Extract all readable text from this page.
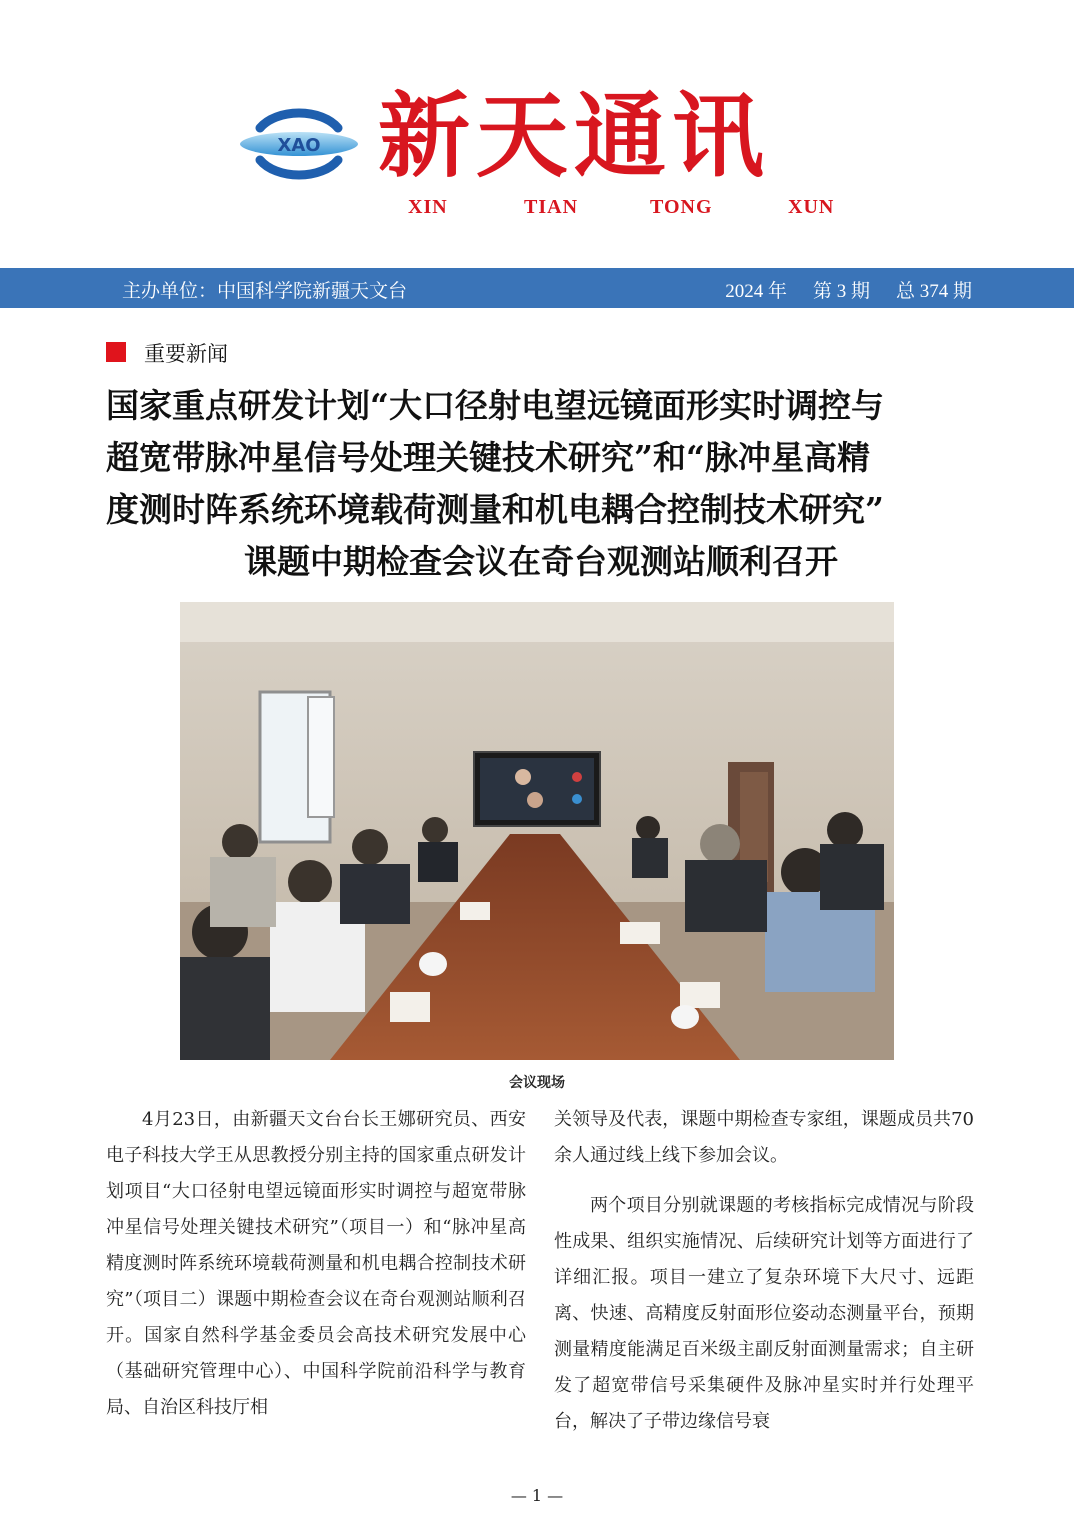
XAO 新天通讯
XIN	TIAN	TONG	XUN
主办单位：中国科学院新疆天文台	2024 年 第 3 期 总 374 期
重要新闻
国家重点研发计划“大口径射电望远镜面形实时调控与
超宽带脉冲星信号处理关键技术研究”和“脉冲星高精
度测时阵系统环境载荷测量和机电耦合控制技术研究”
课题中期检查会议在奇台观测站顺利召开
会议现场

4月23日，由新疆天文台台长王娜研究员、西安电子科技大学王从思教授分别主持的国家重点研发计划项目“大口径射电望远镜面形实时调控与超宽带脉冲星信号处理关键技术研究”（项目一）和“脉冲星高精度测时阵系统环境载荷测量和机电耦合控制技术研究”（项目二）课题中期检查会议在奇台观测站顺利召开。国家自然科学基金委员会高技术研究发展中心（基础研究管理中心）、中国科学院前沿科学与教育局、自治区科技厅相

关领导及代表，课题中期检查专家组，课题成员共70余人通过线上线下参加会议。

两个项目分别就课题的考核指标完成情况与阶段性成果、组织实施情况、后续研究计划等方面进行了详细汇报。项目一建立了复杂环境下大尺寸、远距离、快速、高精度反射面形位姿动态测量平台，预期测量精度能满足百米级主副反射面测量需求；自主研发了超宽带信号采集硬件及脉冲星实时并行处理平台，解决了子带边缘信号衰

— 1 —
